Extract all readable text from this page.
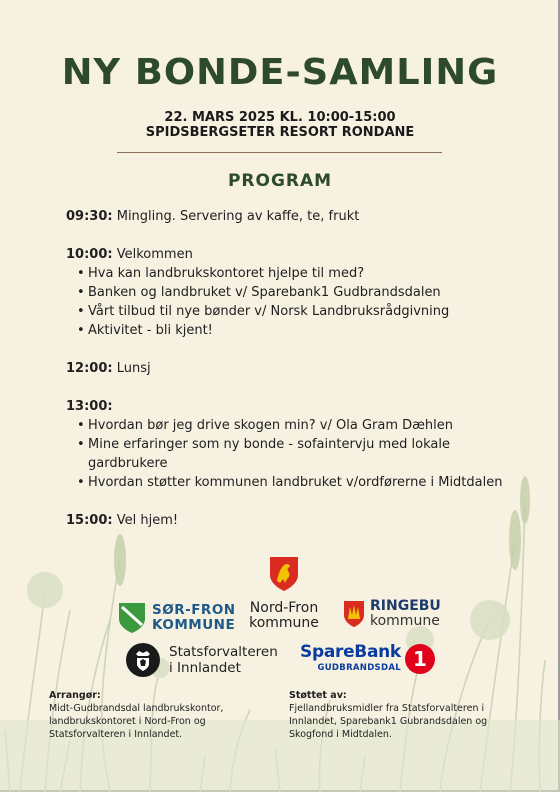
NY BONDE-SAMLING
22. MARS 2025 KL. 10:00-15:00
SPIDSBERGSETER RESORT RONDANE
PROGRAM
09:30: Mingling. Servering av kaffe, te, frukt
10:00: Velkommen
• Hva kan landbrukskontoret hjelpe til med?
• Banken og landbruket v/ Sparebank1 Gudbrandsdalen
• Vårt tilbud til nye bønder v/ Norsk Landbruksrådgivning
• Aktivitet - bli kjent!
12:00: Lunsj
13:00:
• Hvordan bør jeg drive skogen min? v/ Ola Gram Dæhlen
• Mine erfaringer som ny bonde - sofaintervju med lokale gardbrukere
• Hvordan støtter kommunen landbruket v/ordførerne i Midtdalen
15:00: Vel hjem!
Nord-Fron
kommune
SØR-FRON
KOMMUNE
RINGEBU
kommune
Statsforvalteren
i Innlandet
SpareBank
GUDBRANDSDAL 1
Arrangør:
Midt-Gudbrandsdal landbrukskontor, landbrukskontoret i Nord-Fron og Statsforvalteren i Innlandet.
Støttet av:
Fjellandbruksmidler fra Statsforvalteren i Innlandet, Sparebank1 Gubrandsdalen og Skogfond i Midtdalen.
